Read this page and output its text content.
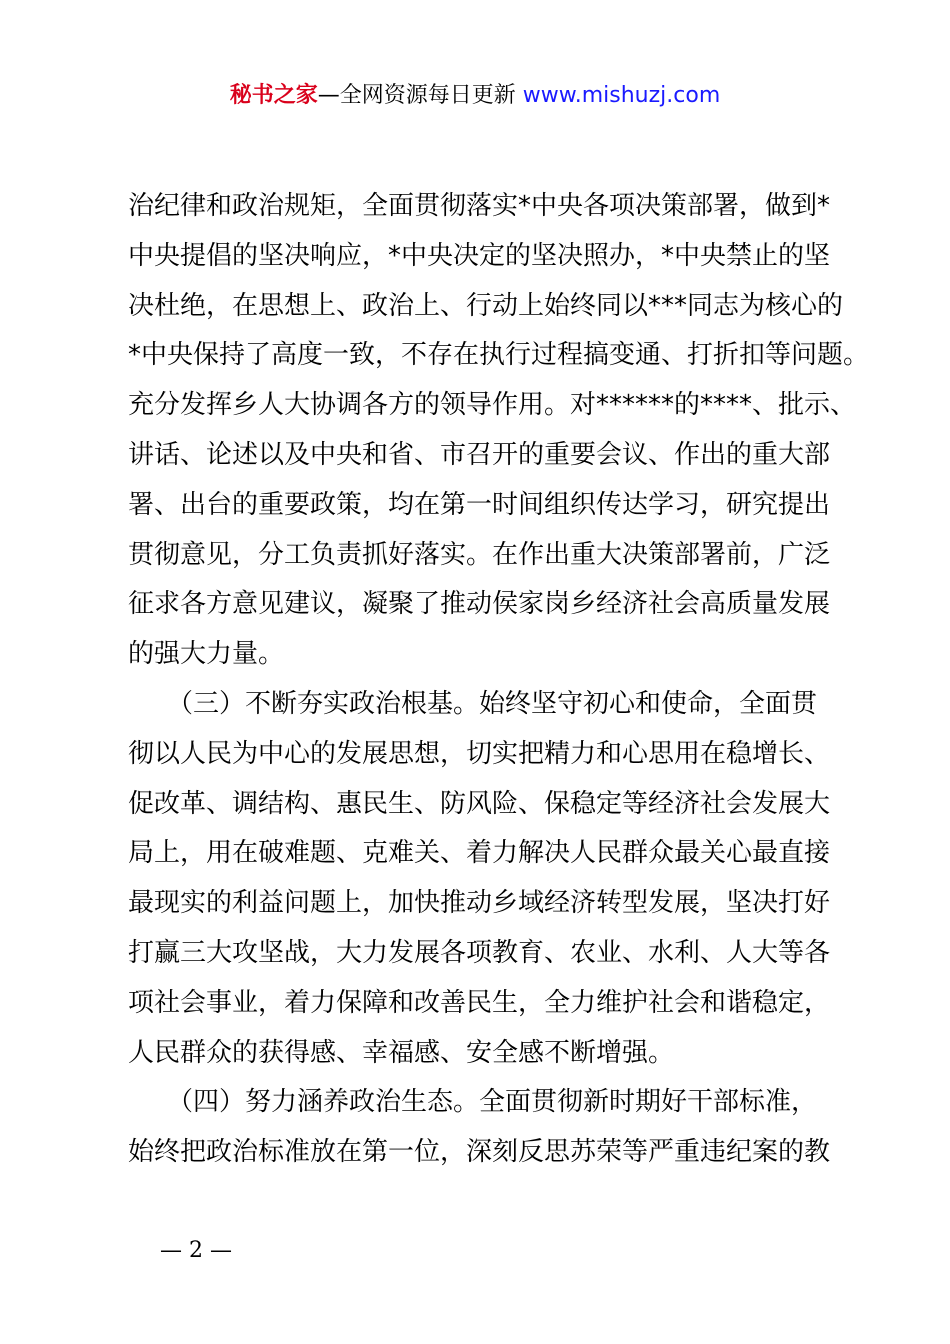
秘书之家—全网资源每日更新 www.mishuzj.com
治纪律和政治规矩，全面贯彻落实*中央各项决策部署，做到*
中央提倡的坚决响应，*中央决定的坚决照办，*中央禁止的坚
决杜绝，在思想上、政治上、行动上始终同以***同志为核心的
*中央保持了高度一致，不存在执行过程搞变通、打折扣等问题。
充分发挥乡人大协调各方的领导作用。对******的****、批示、
讲话、论述以及中央和省、市召开的重要会议、作出的重大部
署、出台的重要政策，均在第一时间组织传达学习，研究提出
贯彻意见，分工负责抓好落实。在作出重大决策部署前，广泛
征求各方意见建议，凝聚了推动侯家岗乡经济社会高质量发展
的强大力量。
　　（三）不断夯实政治根基。始终坚守初心和使命，全面贯
彻以人民为中心的发展思想，切实把精力和心思用在稳增长、
促改革、调结构、惠民生、防风险、保稳定等经济社会发展大
局上，用在破难题、克难关、着力解决人民群众最关心最直接
最现实的利益问题上，加快推动乡域经济转型发展，坚决打好
打赢三大攻坚战，大力发展各项教育、农业、水利、人大等各
项社会事业，着力保障和改善民生，全力维护社会和谐稳定，
人民群众的获得感、幸福感、安全感不断增强。
　　（四）努力涵养政治生态。全面贯彻新时期好干部标准，
始终把政治标准放在第一位，深刻反思苏荣等严重违纪案的教
— 2 —
